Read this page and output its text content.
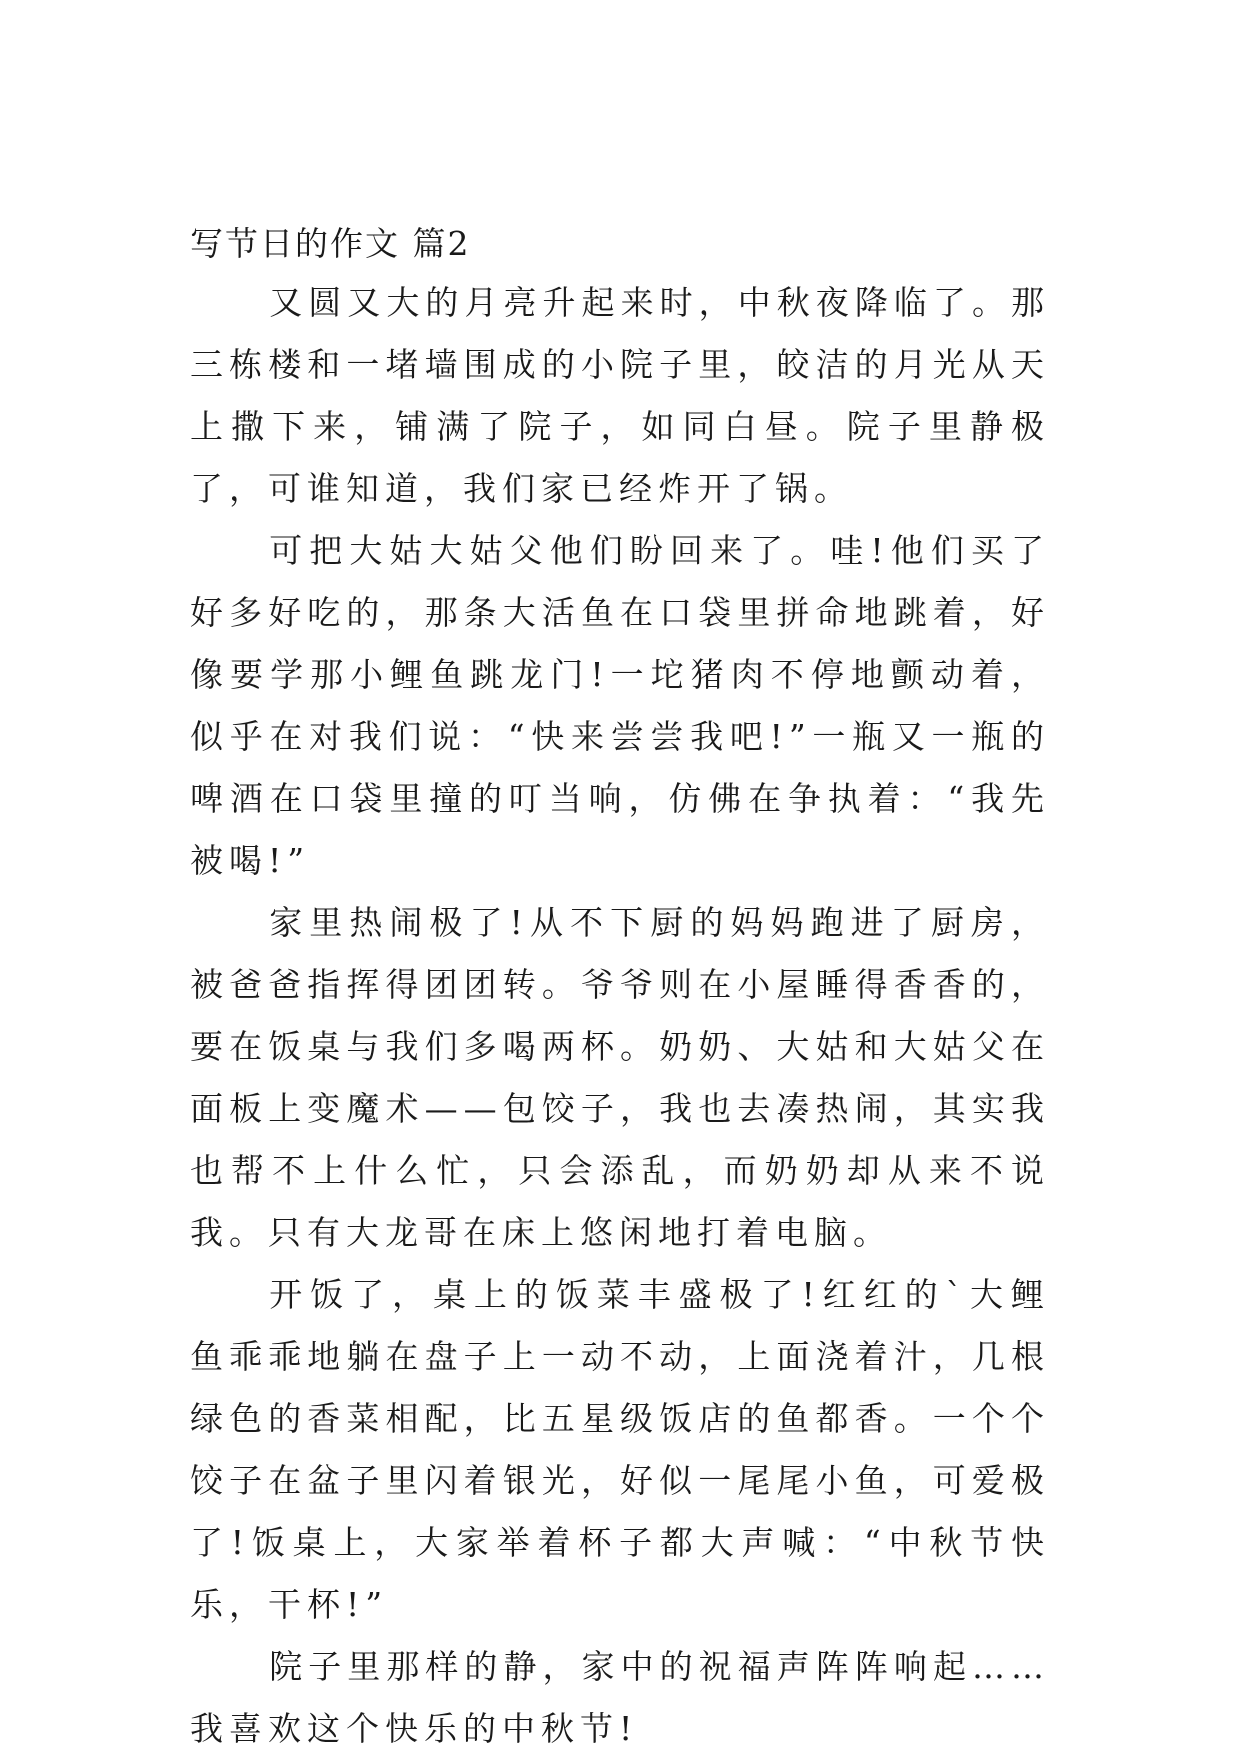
写节日的作文 篇2

又圆又大的月亮升起来时，中秋夜降临了。那三栋楼和一堵墙围成的小院子里，皎洁的月光从天上撒下来，铺满了院子，如同白昼。院子里静极了，可谁知道，我们家已经炸开了锅。

可把大姑大姑父他们盼回来了。哇!他们买了好多好吃的，那条大活鱼在口袋里拼命地跳着，好像要学那小鲤鱼跳龙门!一坨猪肉不停地颤动着，似乎在对我们说：“快来尝尝我吧!”一瓶又一瓶的啤酒在口袋里撞的叮当响，仿佛在争执着：“我先被喝!”

家里热闹极了!从不下厨的妈妈跑进了厨房，被爸爸指挥得团团转。爷爷则在小屋睡得香香的，要在饭桌与我们多喝两杯。奶奶、大姑和大姑父在面板上变魔术——包饺子，我也去凑热闹，其实我也帮不上什么忙，只会添乱，而奶奶却从来不说我。只有大龙哥在床上悠闲地打着电脑。

开饭了，桌上的饭菜丰盛极了!红红的`大鲤鱼乖乖地躺在盘子上一动不动，上面浇着汁，几根绿色的香菜相配，比五星级饭店的鱼都香。一个个饺子在盆子里闪着银光，好似一尾尾小鱼，可爱极了!饭桌上，大家举着杯子都大声喊：“中秋节快乐，干杯!”

院子里那样的静，家中的祝福声阵阵响起……我喜欢这个快乐的中秋节!
